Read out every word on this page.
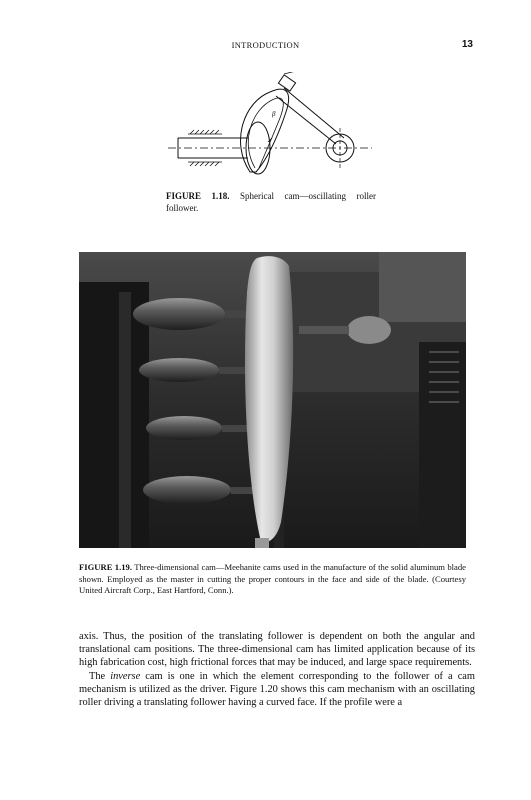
INTRODUCTION	13
β
FIGURE 1.18. Spherical cam—oscillating roller follower.
FIGURE 1.19. Three-dimensional cam—Meehanite cams used in the manufacture of the solid aluminum blade shown. Employed as the master in cutting the proper contours in the face and side of the blade. (Courtesy United Aircraft Corp., East Hartford, Conn.).

axis. Thus, the position of the translating follower is dependent on both the angular and translational cam positions. The three-dimensional cam has limited application because of its high fabrication cost, high frictional forces that may be induced, and large space requirements.

The inverse cam is one in which the element corresponding to the follower of a cam mechanism is utilized as the driver. Figure 1.20 shows this cam mechanism with an oscillating roller driving a translating follower having a curved face. If the profile were a
